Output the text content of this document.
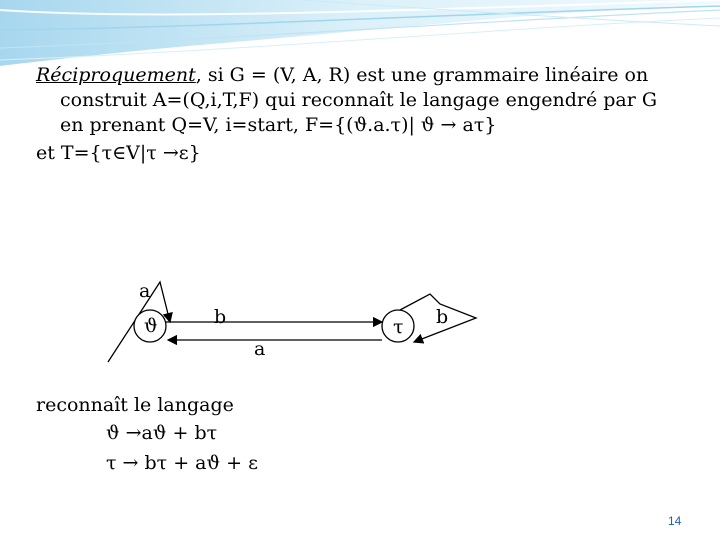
Réciproquement, si G = (V, A, R) est une grammaire linéaire on
construit A=(Q,i,T,F) qui reconnaît le langage engendré par G
en prenant Q=V, i=start, F={(ϑ.a.τ)| ϑ → aτ}
et T={τ∈V|τ →ε}
a
ϑ	b
a
τ b
reconnaît le langage
ϑ →aϑ + bτ
τ → bτ + aϑ + ε
14
